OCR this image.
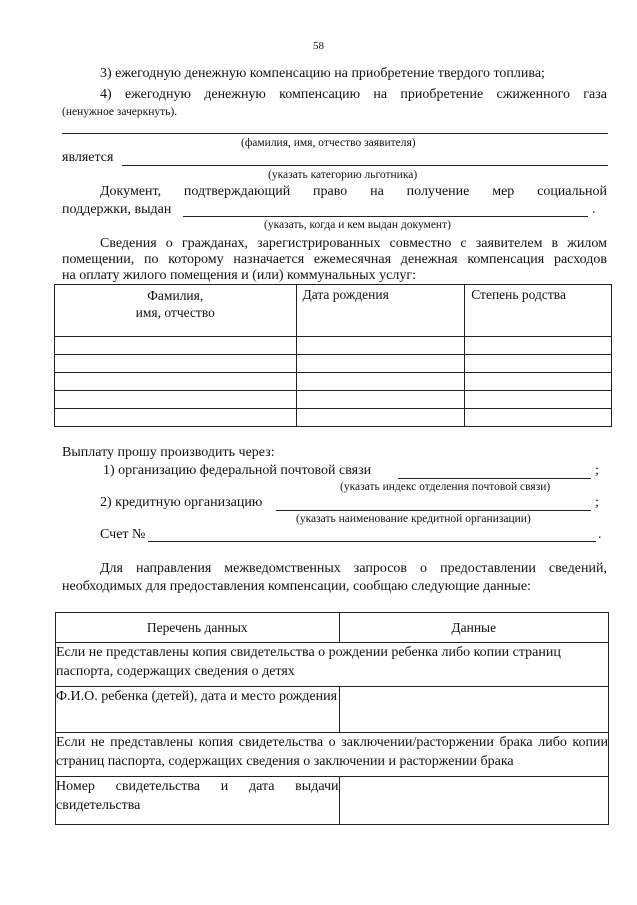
58
3) ежегодную денежную компенсацию на приобретение твердого топлива;
4) ежегодную денежную компенсацию на приобретение сжиженного газа
(ненужное зачеркнуть).
(фамилия, имя, отчество заявителя)
является
(указать категорию льготника)
Документ, подтверждающий право на получение мер социальной
поддержки, выдан	.
(указать, когда и кем выдан документ)
Сведения о гражданах, зарегистрированных совместно с заявителем в жилом
помещении, по которому назначается ежемесячная денежная компенсация расходов
на оплату жилого помещения и (или) коммунальных услуг:
Фамилия,
имя, отчество	Дата рождения	Степень родства

Выплату прошу производить через:
1) организацию федеральной почтовой связи	;
(указать индекс отделения почтовой связи)
2) кредитную организацию	;
(указать наименование кредитной организации)
Счет №	.
Для направления межведомственных запросов о предоставлении сведений,
необходимых для предоставления компенсации, сообщаю следующие данные:
Перечень данных	Данные
Если не представлены копия свидетельства о рождении ребенка либо копии страниц паспорта, содержащих сведения о детях	
Ф.И.О. ребенка (детей), дата и место рождения	
Если не представлены копия свидетельства о заключении/расторжении брака либо копии страниц паспорта, содержащих сведения о заключении и расторжении брака	
Номер свидетельства и дата выдачи свидетельства	
